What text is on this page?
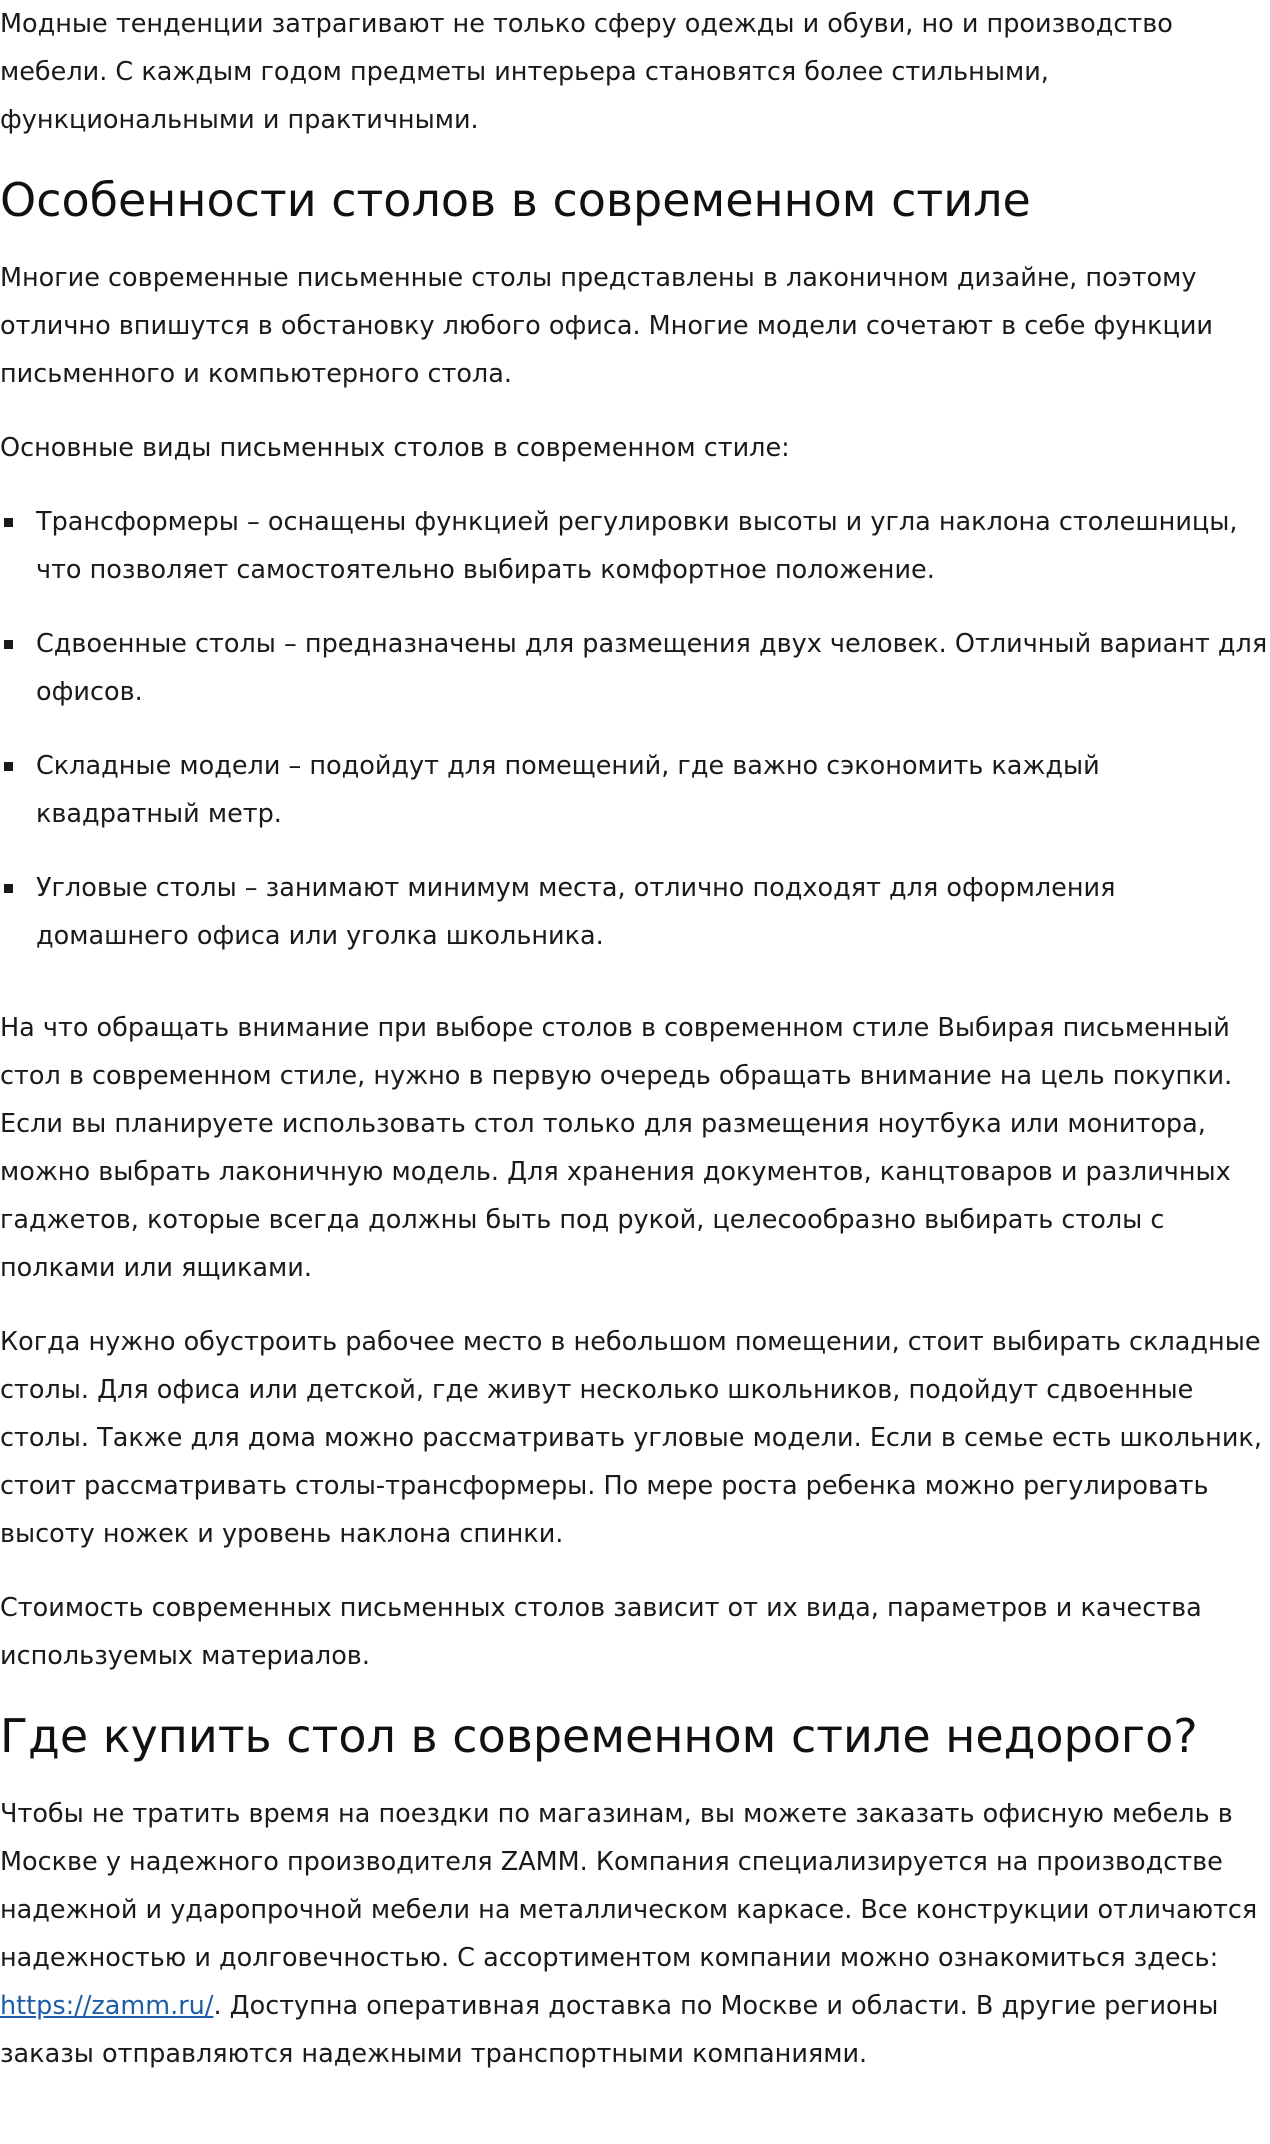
Модные тенденции затрагивают не только сферу одежды и обуви, но и производство мебели. С каждым годом предметы интерьера становятся более стильными, функциональными и практичными.

Особенности столов в современном стиле

Многие современные письменные столы представлены в лаконичном дизайне, поэтому отлично впишутся в обстановку любого офиса. Многие модели сочетают в себе функции письменного и компьютерного стола.

Основные виды письменных столов в современном стиле:

Трансформеры – оснащены функцией регулировки высоты и угла наклона столешницы, что позволяет самостоятельно выбирать комфортное положение.
Сдвоенные столы – предназначены для размещения двух человек. Отличный вариант для офисов.
Складные модели – подойдут для помещений, где важно сэкономить каждый квадратный метр.
Угловые столы – занимают минимум места, отлично подходят для оформления домашнего офиса или уголка школьника.

На что обращать внимание при выборе столов в современном стиле Выбирая письменный стол в современном стиле, нужно в первую очередь обращать внимание на цель покупки. Если вы планируете использовать стол только для размещения ноутбука или монитора, можно выбрать лаконичную модель. Для хранения документов, канцтоваров и различных гаджетов, которые всегда должны быть под рукой, целесообразно выбирать столы с полками или ящиками.

Когда нужно обустроить рабочее место в небольшом помещении, стоит выбирать складные столы. Для офиса или детской, где живут несколько школьников, подойдут сдвоенные столы. Также для дома можно рассматривать угловые модели. Если в семье есть школьник, стоит рассматривать столы-трансформеры. По мере роста ребенка можно регулировать высоту ножек и уровень наклона спинки.

Стоимость современных письменных столов зависит от их вида, параметров и качества используемых материалов.

Где купить стол в современном стиле недорого?

Чтобы не тратить время на поездки по магазинам, вы можете заказать офисную мебель в Москве у надежного производителя ZAMM. Компания специализируется на производстве надежной и ударопрочной мебели на металлическом каркасе. Все конструкции отличаются надежностью и долговечностью. С ассортиментом компании можно ознакомиться здесь: https://zamm.ru/. Доступна оперативная доставка по Москве и области. В другие регионы заказы отправляются надежными транспортными компаниями.
